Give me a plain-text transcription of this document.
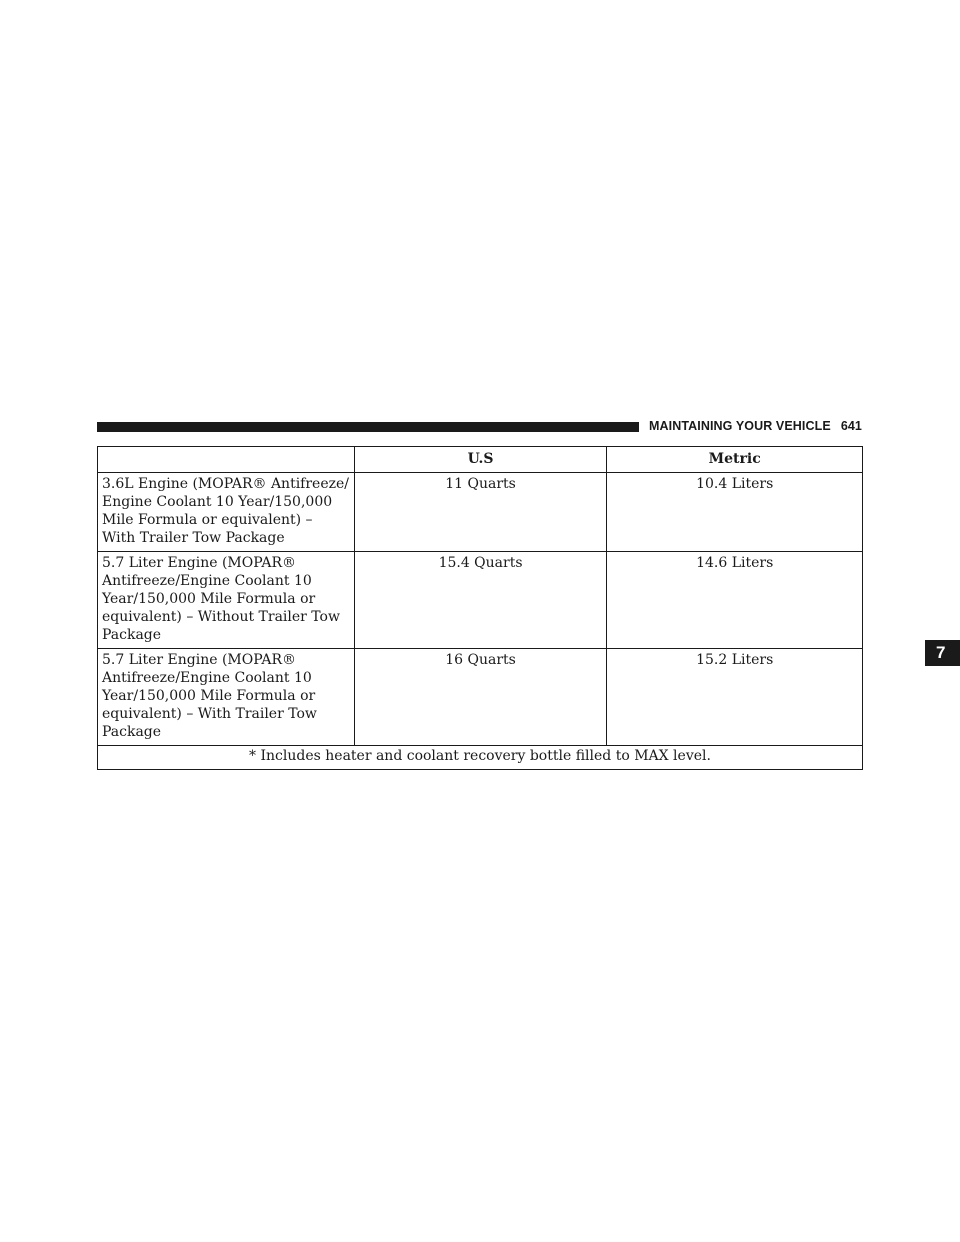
MAINTAINING YOUR VEHICLE 641
7
	U.S	Metric
3.6L Engine (MOPAR® Antifreeze/ Engine Coolant 10 Year/150,000 Mile Formula or equivalent) – With Trailer Tow Package	11 Quarts	10.4 Liters
5.7 Liter Engine (MOPAR® Antifreeze/Engine Coolant 10 Year/150,000 Mile Formula or equivalent) – Without Trailer Tow Package	15.4 Quarts	14.6 Liters
5.7 Liter Engine (MOPAR® Antifreeze/Engine Coolant 10 Year/150,000 Mile Formula or equivalent) – With Trailer Tow Package	16 Quarts	15.2 Liters
* Includes heater and coolant recovery bottle filled to MAX level.		
